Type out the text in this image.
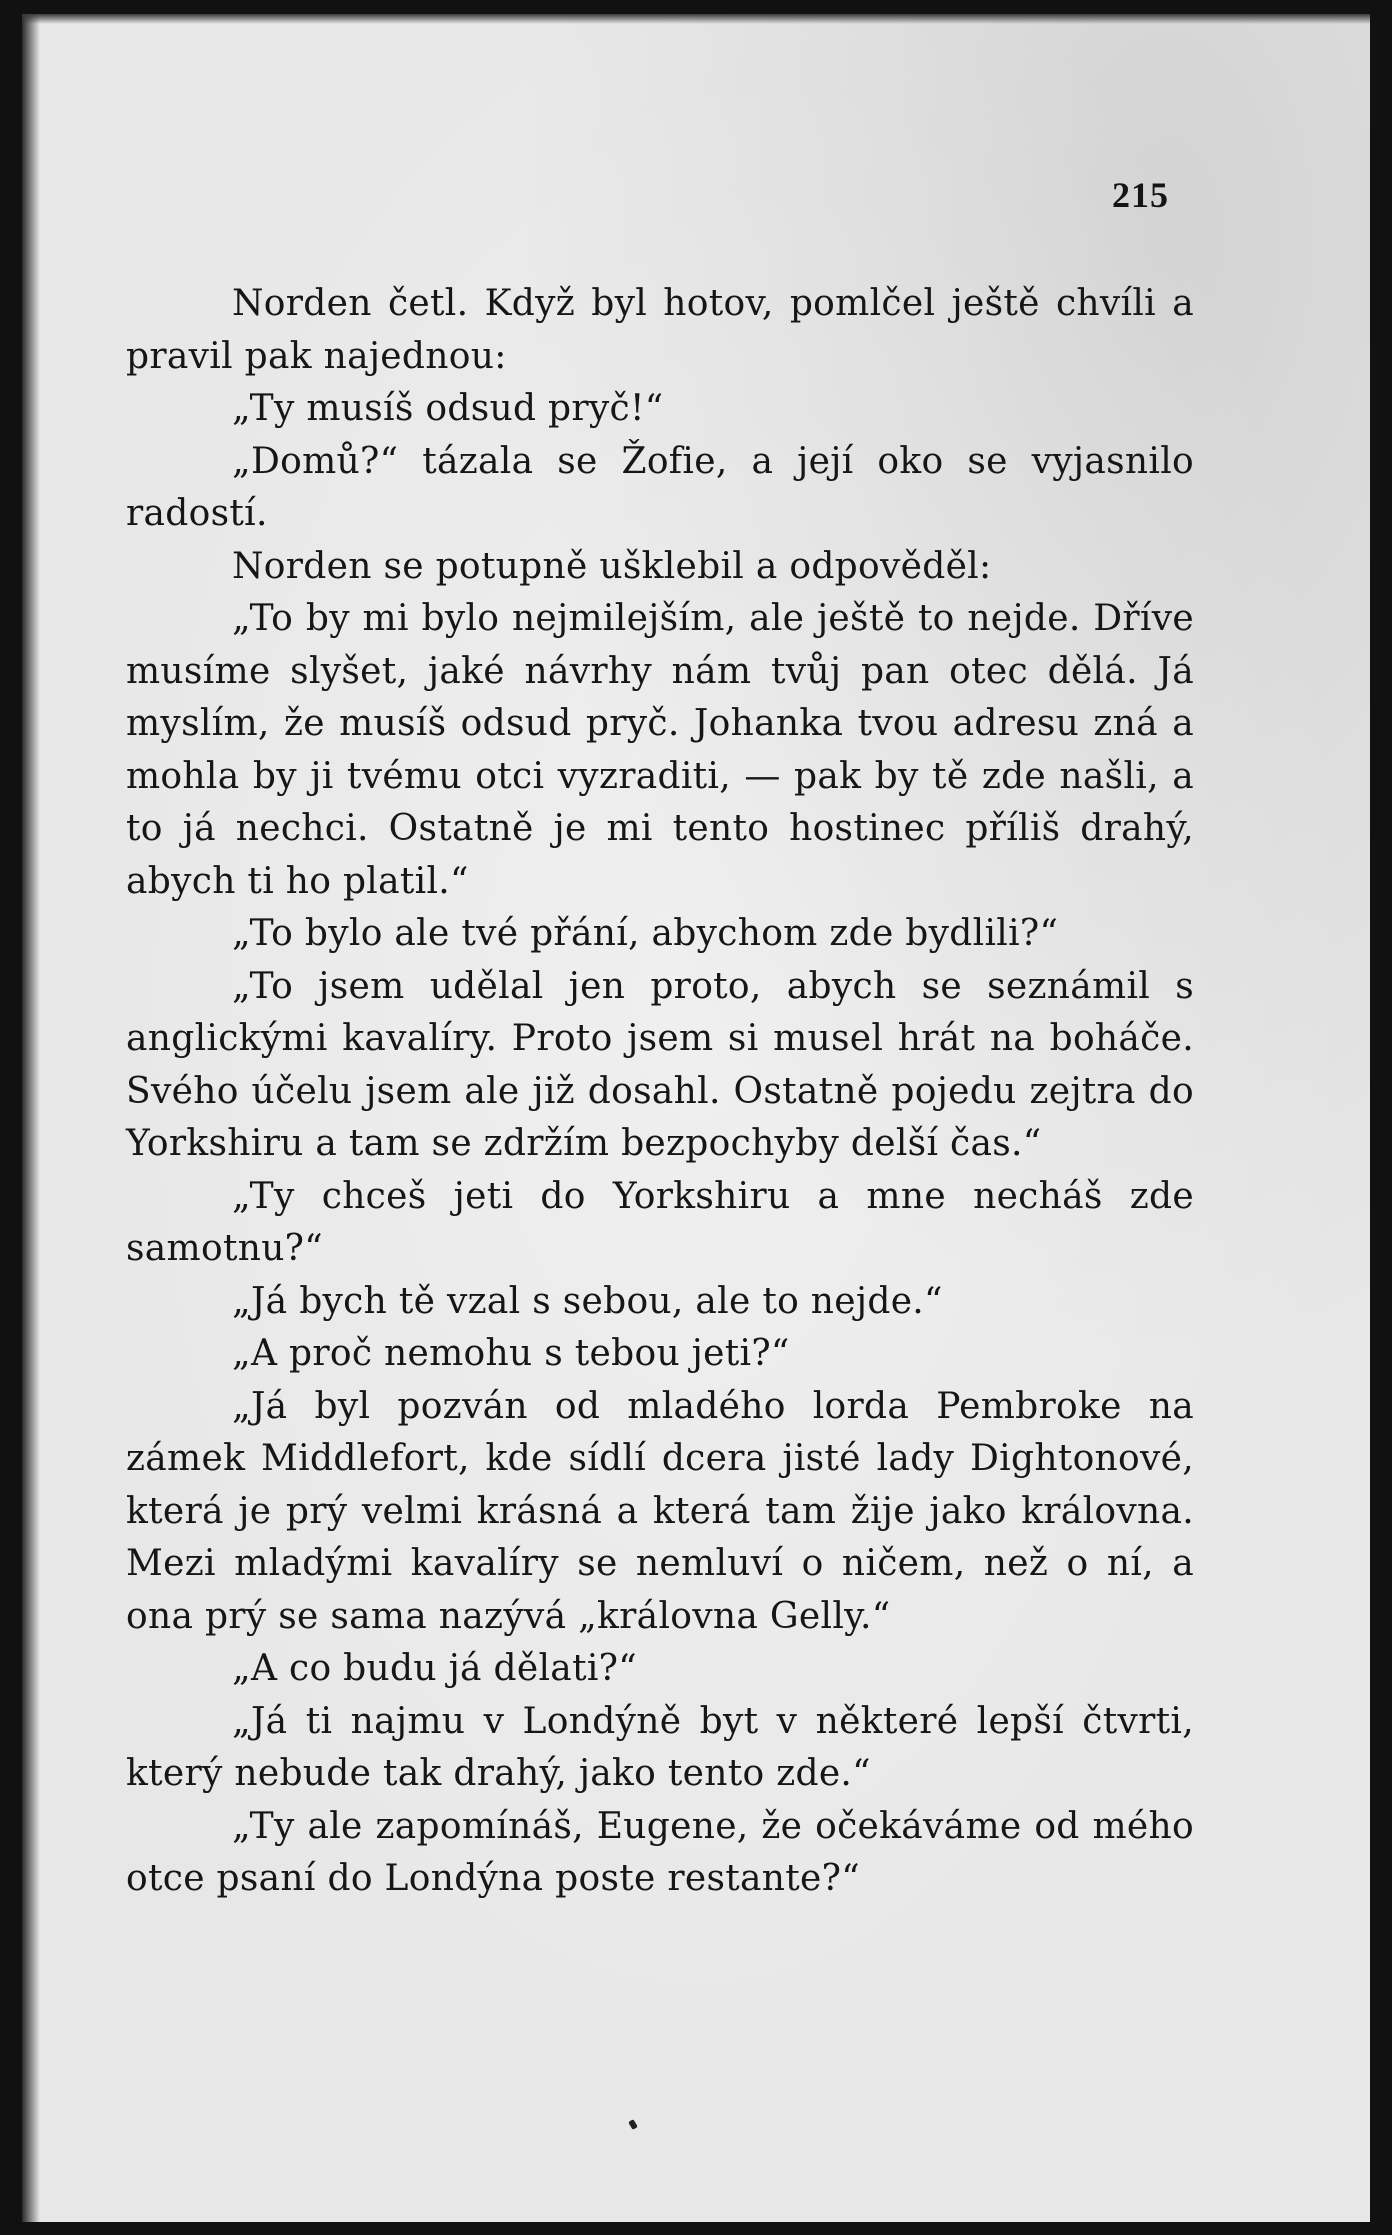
215

Norden četl. Když byl hotov, pomlčel ještě chvíli a pravil pak najednou:

„Ty musíš odsud pryč!“

„Domů?“ tázala se Žofie, a její oko se vyjasnilo radostí.

Norden se potupně ušklebil a odpověděl:

„To by mi bylo nejmilejším, ale ještě to nejde. Dříve musíme slyšet, jaké návrhy nám tvůj pan otec dělá. Já myslím, že musíš odsud pryč. Johanka tvou adresu zná a mohla by ji tvému otci vyzraditi, — pak by tě zde našli, a to já nechci. Ostatně je mi tento hostinec příliš drahý, abych ti ho platil.“

„To bylo ale tvé přání, abychom zde bydlili?“

„To jsem udělal jen proto, abych se seznámil s anglickými kavalíry. Proto jsem si musel hrát na boháče. Svého účelu jsem ale již dosahl. Ostatně pojedu zejtra do Yorkshiru a tam se zdržím bezpochyby delší čas.“

„Ty chceš jeti do Yorkshiru a mne necháš zde samotnu?“

„Já bych tě vzal s sebou, ale to nejde.“

„A proč nemohu s tebou jeti?“

„Já byl pozván od mladého lorda Pembroke na zámek Middlefort, kde sídlí dcera jisté lady Dightonové, která je prý velmi krásná a která tam žije jako královna. Mezi mladými kavalíry se nemluví o ničem, než o ní, a ona prý se sama nazývá „královna Gelly.“

„A co budu já dělati?“

„Já ti najmu v Londýně byt v některé lepší čtvrti, který nebude tak drahý, jako tento zde.“

„Ty ale zapomínáš, Eugene, že očekáváme od mého otce psaní do Londýna poste restante?“
